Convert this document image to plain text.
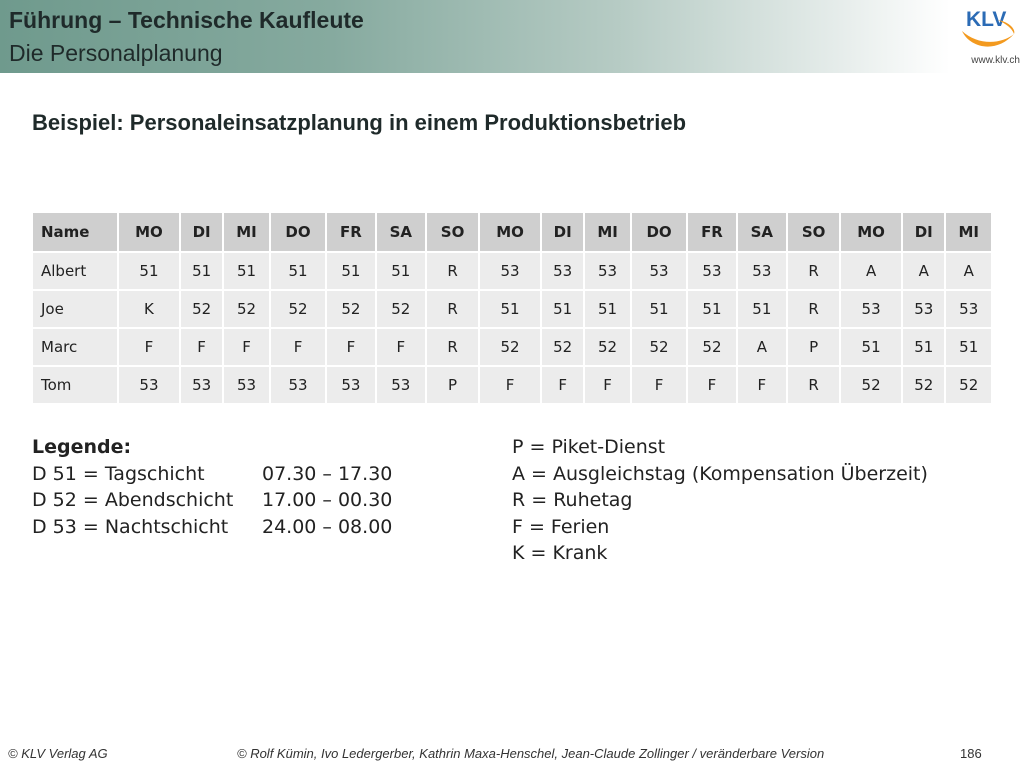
Führung – Technische Kaufleute
Die Personalplanung
KLV
www.klv.ch
Beispiel: Personaleinsatzplanung in einem Produktionsbetrieb
Name	MO	DI	MI	DO	FR	SA	SO	MO	DI	MI	DO	FR	SA	SO	MO	DI	MI
Albert	51	51	51	51	51	51	R	53	53	53	53	53	53	R	A	A	A
Joe	K	52	52	52	52	52	R	51	51	51	51	51	51	R	53	53	53
Marc	F	F	F	F	F	F	R	52	52	52	52	52	A	P	51	51	51
Tom	53	53	53	53	53	53	P	F	F	F	F	F	F	R	52	52	52
Legende:
D 51 = Tagschicht	07.30 – 17.30
D 52 = Abendschicht	17.00 – 00.30
D 53 = Nachtschicht	24.00 – 08.00
P = Piket-Dienst
A = Ausgleichstag (Kompensation Überzeit)
R = Ruhetag
F = Ferien
K = Krank
© KLV Verlag AG	© Rolf Kümin, Ivo Ledergerber, Kathrin Maxa-Henschel, Jean-Claude Zollinger / veränderbare Version	186
